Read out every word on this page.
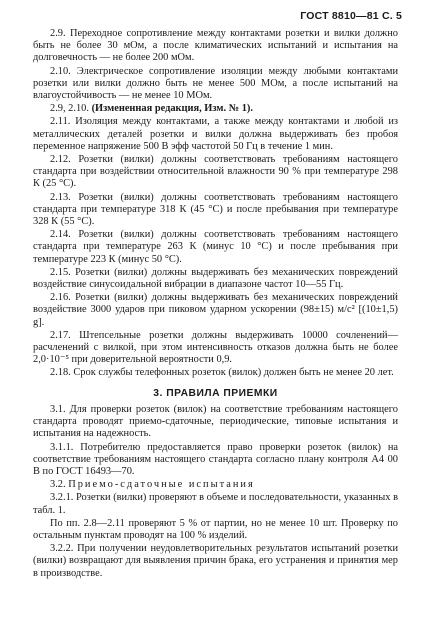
ГОСТ 8810—81 С. 5

2.9. Переходное сопротивление между контактами розетки и вилки должно быть не более 30 мОм, а после климатических испытаний и испытания на долговечность — не более 200 мОм.

2.10. Электрическое сопротивление изоляции между любыми контактами розетки или вилки должно быть не менее 500 МОм, а после испытаний на влагоустойчивость — не менее 10 МОм.

2.9, 2.10. (Измененная редакция, Изм. № 1).

2.11. Изоляция между контактами, а также между контактами и любой из металлических деталей розетки и вилки должна выдерживать без пробоя переменное напряжение 500 В эфф частотой 50 Гц в течение 1 мин.

2.12. Розетки (вилки) должны соответствовать требованиям настоящего стандарта при воздействии относительной влажности 90 % при температуре 298 К (25 °С).

2.13. Розетки (вилки) должны соответствовать требованиям настоящего стандарта при температуре 318 К (45 °С) и после пребывания при температуре 328 К (55 °С).

2.14. Розетки (вилки) должны соответствовать требованиям настоящего стандарта при температуре 263 К (минус 10 °С) и после пребывания при температуре 223 К (минус 50 °С).

2.15. Розетки (вилки) должны выдерживать без механических повреждений воздействие синусоидальной вибрации в диапазоне частот 10—55 Гц.

2.16. Розетки (вилки) должны выдерживать без механических повреждений воздействие 3000 ударов при пиковом ударном ускорении (98±15) м/с² [(10±1,5) g].

2.17. Штепсельные розетки должны выдерживать 10000 сочленений—расчленений с вилкой, при этом интенсивность отказов должна быть не более 2,0·10⁻⁵ при доверительной вероятности 0,9.

2.18. Срок службы телефонных розеток (вилок) должен быть не менее 20 лет.

3. ПРАВИЛА ПРИЕМКИ

3.1. Для проверки розеток (вилок) на соответствие требованиям настоящего стандарта проводят приемо-сдаточные, периодические, типовые испытания и испытания на надежность.

3.1.1. Потребителю предоставляется право проверки розеток (вилок) на соответствие требованиям настоящего стандарта согласно плану контроля А4 00 В по ГОСТ 16493—70.

3.2. Приемо-сдаточные испытания

3.2.1. Розетки (вилки) проверяют в объеме и последовательности, указанных в табл. 1.

По пп. 2.8—2.11 проверяют 5 % от партии, но не менее 10 шт. Проверку по остальным пунктам проводят на 100 % изделий.

3.2.2. При получении неудовлетворительных результатов испытаний розетки (вилки) возвращают для выявления причин брака, его устранения и принятия мер в производстве.
